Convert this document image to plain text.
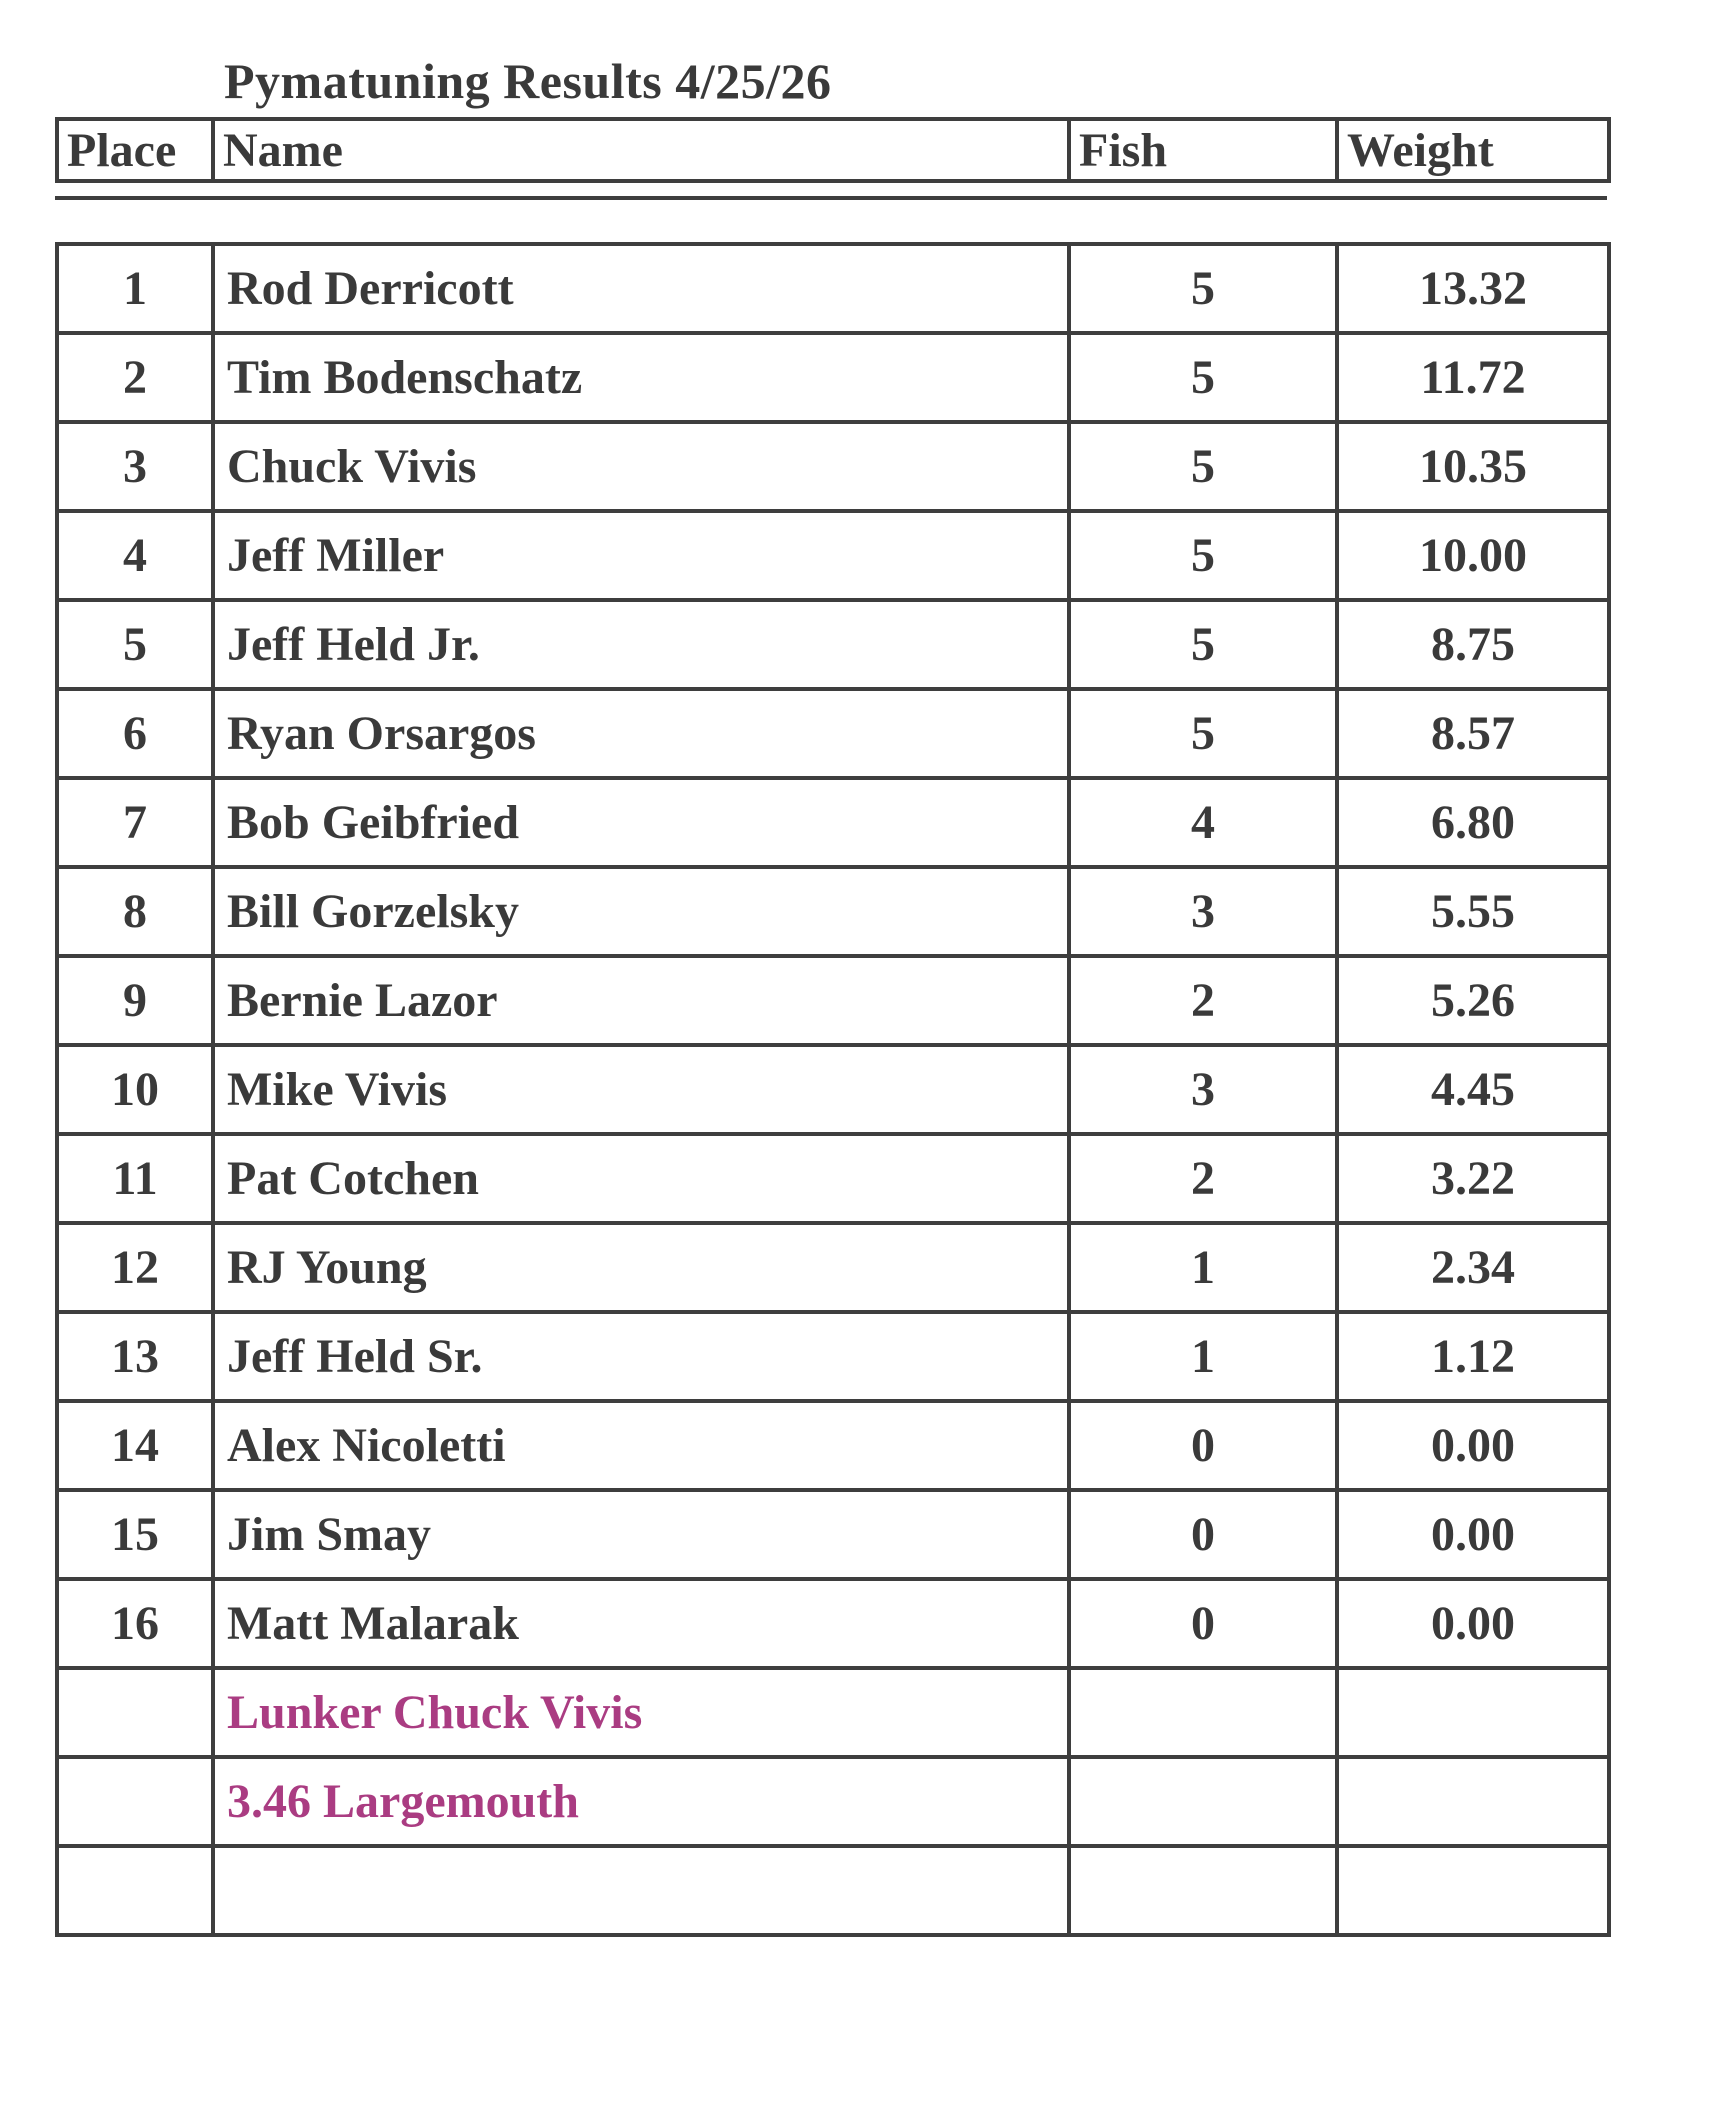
Pymatuning Results 4/25/26
Place	Name	Fish	Weight
1	Rod Derricott	5	13.32
2	Tim Bodenschatz	5	11.72
3	Chuck Vivis	5	10.35
4	Jeff Miller	5	10.00
5	Jeff Held Jr.	5	8.75
6	Ryan Orsargos	5	8.57
7	Bob Geibfried	4	6.80
8	Bill Gorzelsky	3	5.55
9	Bernie Lazor	2	5.26
10	Mike Vivis	3	4.45
11	Pat Cotchen	2	3.22
12	RJ Young	1	2.34
13	Jeff Held Sr.	1	1.12
14	Alex Nicoletti	0	0.00
15	Jim Smay	0	0.00
16	Matt Malarak	0	0.00
	Lunker Chuck Vivis		
	3.46 Largemouth		
